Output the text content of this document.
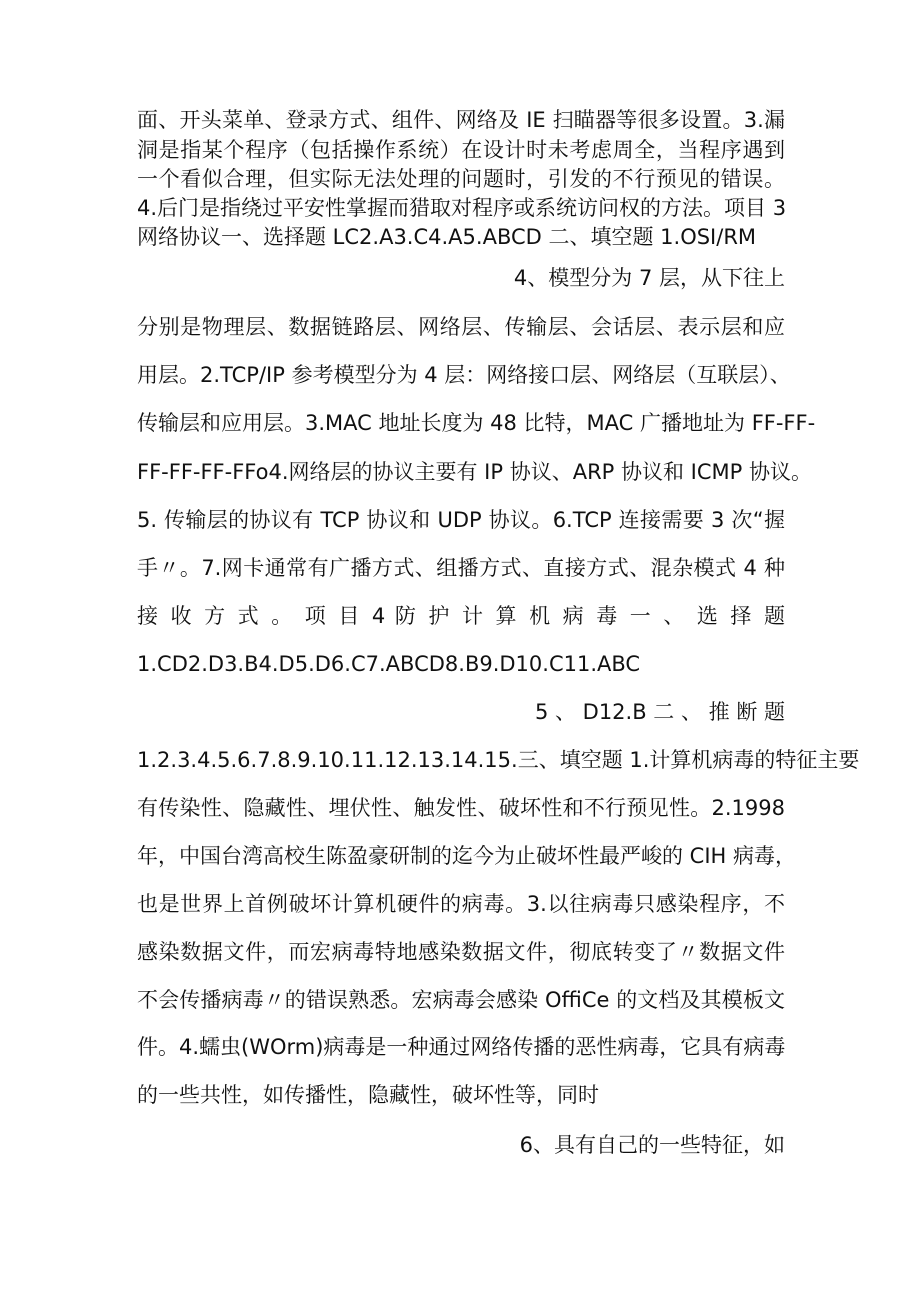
面、开头菜单、登录方式、组件、网络及 IE 扫瞄器等很多设置。3.漏
洞是指某个程序（包括操作系统）在设计时未考虑周全，当程序遇到
一个看似合理，但实际无法处理的问题时，引发的不行预见的错误。
4.后门是指绕过平安性掌握而猎取对程序或系统访问权的方法。项目 3
网络协议一、选择题 LC2.A3.C4.A5.ABCD 二、填空题 1.OSI/RM
4、模型分为 7 层，从下往上
分别是物理层、数据链路层、网络层、传输层、会话层、表示层和应
用层。2.TCP/IP 参考模型分为 4 层：网络接口层、网络层（互联层）、
传输层和应用层。3.MAC 地址长度为 48 比特，MAC 广播地址为 FF-FF-
FF-FF-FF-FFo4.网络层的协议主要有 IP 协议、ARP 协议和 ICMP 协议。
5. 传输层的协议有 TCP 协议和 UDP 协议。6.TCP 连接需要 3 次“握
手〃。7.网卡通常有广播方式、组播方式、直接方式、混杂模式 4 种
接 收 方 式 。 项 目 4 防 护 计 算 机 病 毒 一 、 选 择 题
1.CD2.D3.B4.D5.D6.C7.ABCD8.B9.D10.C11.ABC
5 、 D12.B 二 、 推 断 题
1.2.3.4.5.6.7.8.9.10.11.12.13.14.15.三、填空题 1.计算机病毒的特征主要
有传染性、隐藏性、埋伏性、触发性、破坏性和不行预见性。2.1998
年，中国台湾高校生陈盈豪研制的迄今为止破坏性最严峻的 CIH 病毒，
也是世界上首例破坏计算机硬件的病毒。3.以往病毒只感染程序，不
感染数据文件，而宏病毒特地感染数据文件，彻底转变了〃数据文件
不会传播病毒〃的错误熟悉。宏病毒会感染 OffiCe 的文档及其模板文
件。4.蠕虫(WOrm)病毒是一种通过网络传播的恶性病毒，它具有病毒
的一些共性，如传播性，隐藏性，破坏性等，同时
6、具有自己的一些特征，如
